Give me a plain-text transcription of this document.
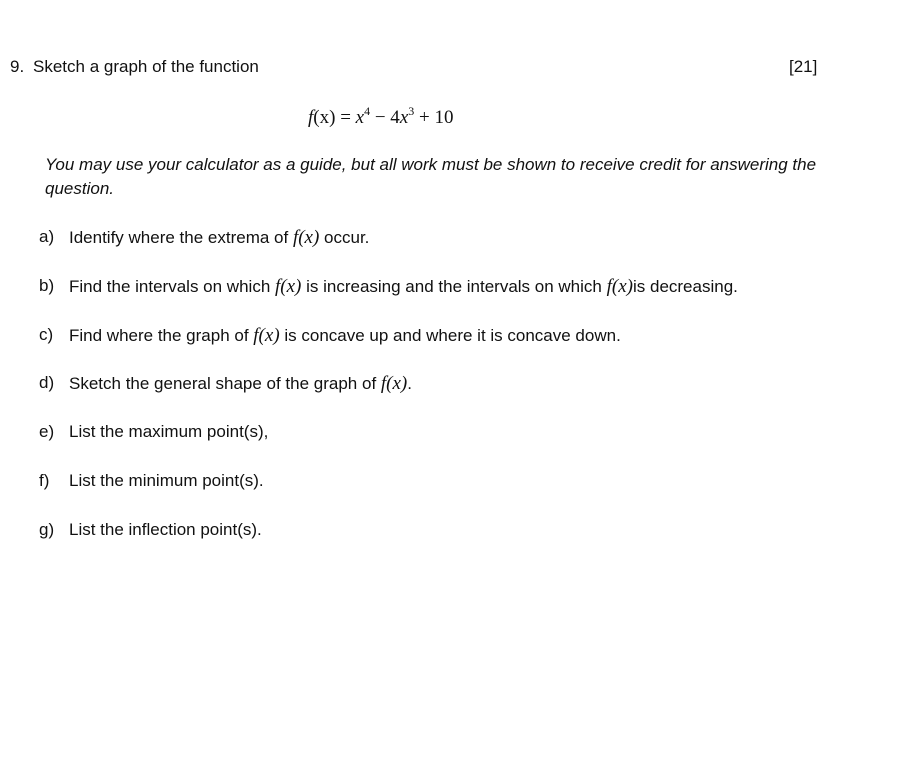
9. Sketch a graph of the function	[21]
$f(x) = x^4 - 4x^3 + 10$
You may use your calculator as a guide, but all work must be shown to receive credit for answering the question.
a) Identify where the extrema of f(x) occur.
b) Find the intervals on which f(x) is increasing and the intervals on which f(x)is decreasing.
c) Find where the graph of f(x) is concave up and where it is concave down.
d) Sketch the general shape of the graph of f(x).
e) List the maximum point(s),
f) List the minimum point(s).
g) List the inflection point(s).
